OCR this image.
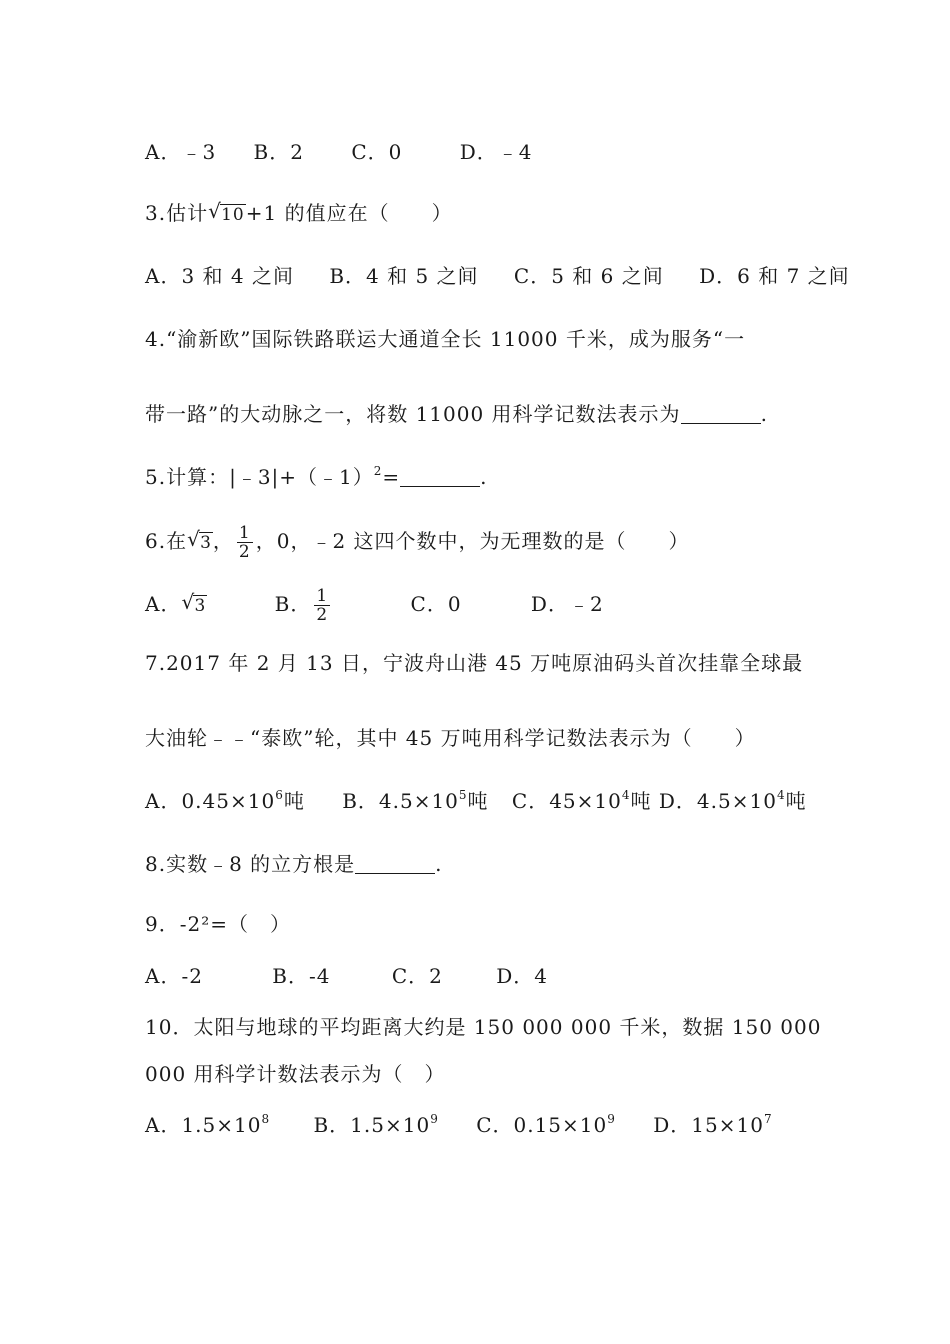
A．﹣3 B．2 C．0	D．﹣4
3.估计 √ 10+1 的值应在（　　）
A．3 和 4 之间 B．4 和 5 之间 C．5 和 6 之间 D．6 和 7 之间
4.“渝新欧”国际铁路联运大通道全长 11000 千米，成为服务“一
带一路”的大动脉之一，将数 11000 用科学记数法表示为	.
5.计算：|﹣3|+（﹣1）$^2$=	.
6.在 √ 3， $\frac{1}{2}$ ，0，﹣2 这四个数中，为无理数的是（　　）
A． √ 3	B． $\frac{1}{2}$	C．0	D．﹣2
7.2017 年 2 月 13 日，宁波舟山港 45 万吨原油码头首次挂靠全球最
大油轮﹣﹣“泰欧”轮，其中 45 万吨用科学记数法表示为（　　）
A．$0.45\times 10^6$吨 B．$4.5\times 10^5$吨 C．$45\times 10^4$吨 D．$4.5\times 10^4$吨
8.实数﹣8 的立方根是	.
9．-2²=（　）
A．-2	B．-4	C．2	D．4
10．太阳与地球的平均距离大约是 150 000 000 千米，数据 150 000
000 用科学计数法表示为（　）
A．$1.5\times 10^8$ B．$1.5\times 10^9$ C．$0.15\times 10^9$ D．$15\times 10^7$
